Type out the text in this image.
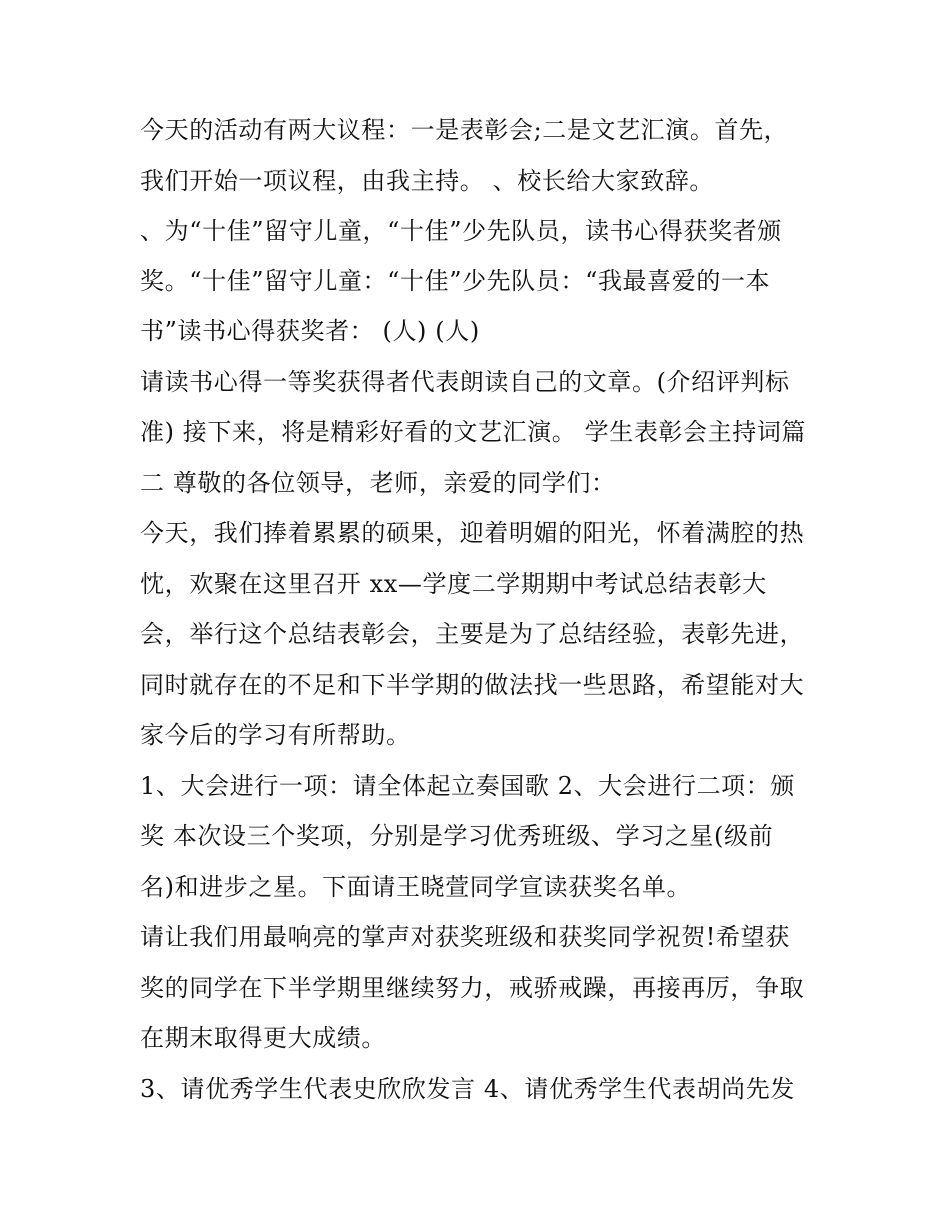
今天的活动有两大议程：一是表彰会;二是文艺汇演。首先，
我们开始一项议程，由我主持。 、校长给大家致辞。
、为“十佳”留守儿童，“十佳”少先队员，读书心得获奖者颁
奖。“十佳”留守儿童：“十佳”少先队员：“我最喜爱的一本
书”读书心得获奖者： (人) (人)
请读书心得一等奖获得者代表朗读自己的文章。(介绍评判标
准) 接下来，将是精彩好看的文艺汇演。 学生表彰会主持词篇
二 尊敬的各位领导，老师，亲爱的同学们：
今天，我们捧着累累的硕果，迎着明媚的阳光，怀着满腔的热
忱，欢聚在这里召开 xx—学度二学期期中考试总结表彰大
会，举行这个总结表彰会，主要是为了总结经验，表彰先进，
同时就存在的不足和下半学期的做法找一些思路，希望能对大
家今后的学习有所帮助。
1、大会进行一项：请全体起立奏国歌 2、大会进行二项：颁
奖 本次设三个奖项，分别是学习优秀班级、学习之星(级前
名)和进步之星。下面请王晓萱同学宣读获奖名单。
请让我们用最响亮的掌声对获奖班级和获奖同学祝贺!希望获
奖的同学在下半学期里继续努力，戒骄戒躁，再接再厉，争取
在期末取得更大成绩。
3、请优秀学生代表史欣欣发言 4、请优秀学生代表胡尚先发
